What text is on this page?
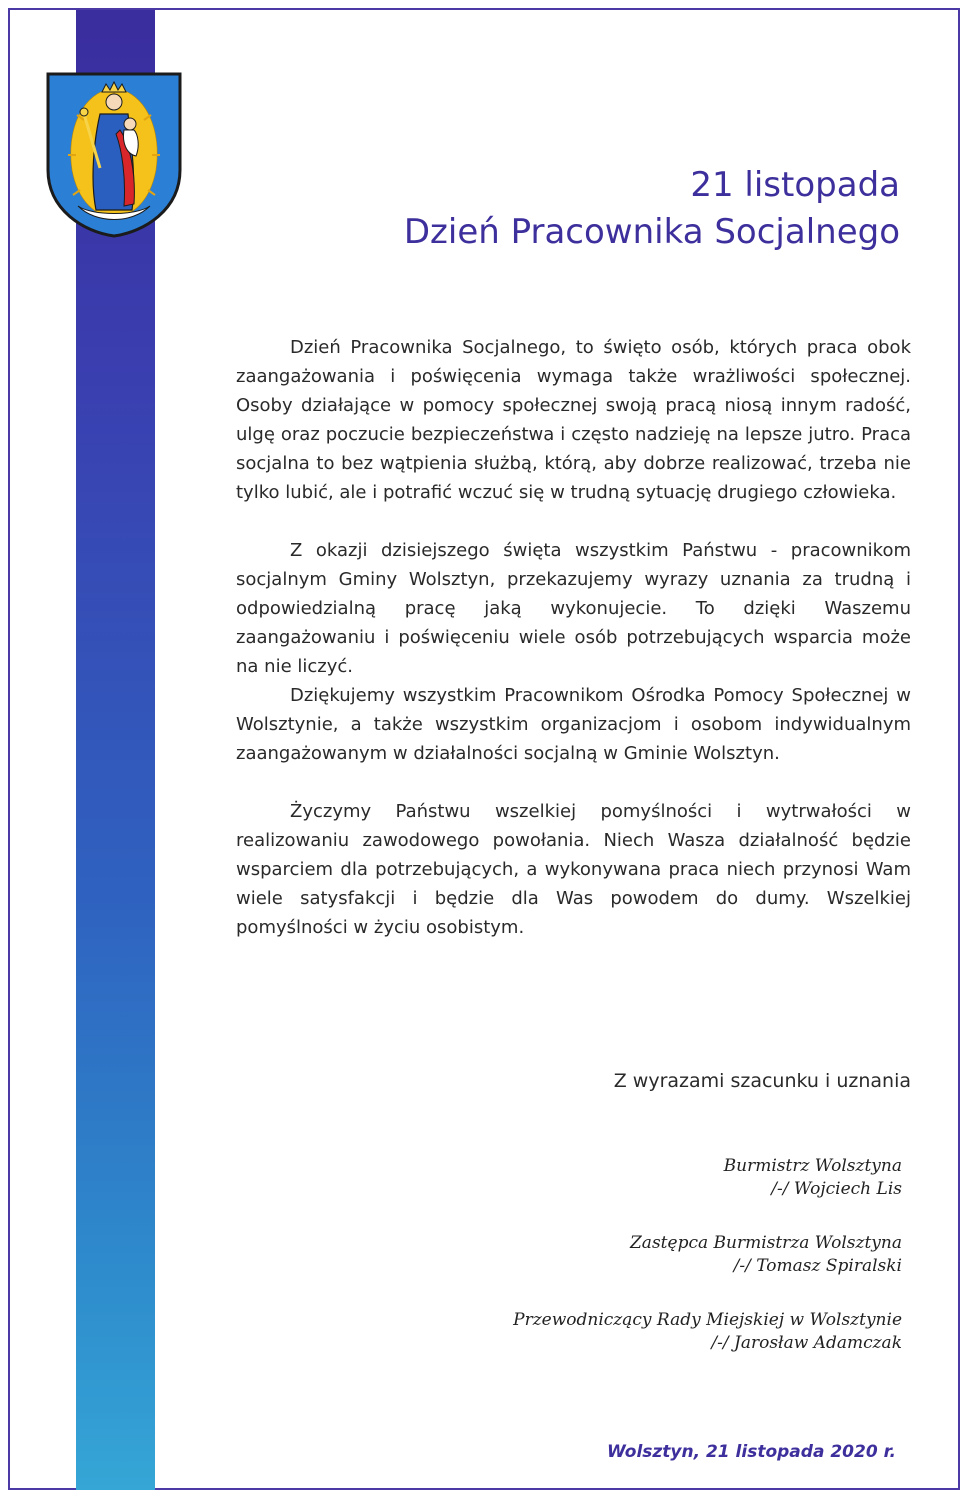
21 listopada
Dzień Pracownika Socjalnego

Dzień Pracownika Socjalnego, to święto osób, których praca obok zaangażowania i poświęcenia wymaga także wrażliwości społecznej. Osoby działające w pomocy społecznej swoją pracą niosą innym radość, ulgę oraz poczucie bezpieczeństwa i często nadzieję na lepsze jutro. Praca socjalna to bez wątpienia służbą, którą, aby dobrze realizować, trzeba nie tylko lubić, ale i potrafić wczuć się w trudną sytuację drugiego człowieka.

Z okazji dzisiejszego święta wszystkim Państwu - pracownikom socjalnym Gminy Wolsztyn, przekazujemy wyrazy uznania za trudną i odpowiedzialną pracę jaką wykonujecie. To dzięki Waszemu zaangażowaniu i poświęceniu wiele osób potrzebujących wsparcia może na nie liczyć.

Dziękujemy wszystkim Pracownikom Ośrodka Pomocy Społecznej w Wolsztynie, a także wszystkim organizacjom i osobom indywidualnym zaangażowanym w działalności socjalną w Gminie Wolsztyn.

Życzymy Państwu wszelkiej pomyślności i wytrwałości w realizowaniu zawodowego powołania. Niech Wasza działalność będzie wsparciem dla potrzebujących, a wykonywana praca niech przynosi Wam wiele satysfakcji i będzie dla Was powodem do dumy. Wszelkiej pomyślności w życiu osobistym.

Z wyrazami szacunku i uznania
Burmistrz Wolsztyna
/-/ Wojciech Lis
Zastępca Burmistrza Wolsztyna
/-/ Tomasz Spiralski
Przewodniczący Rady Miejskiej w Wolsztynie
/-/ Jarosław Adamczak
Wolsztyn, 21 listopada 2020 r.
